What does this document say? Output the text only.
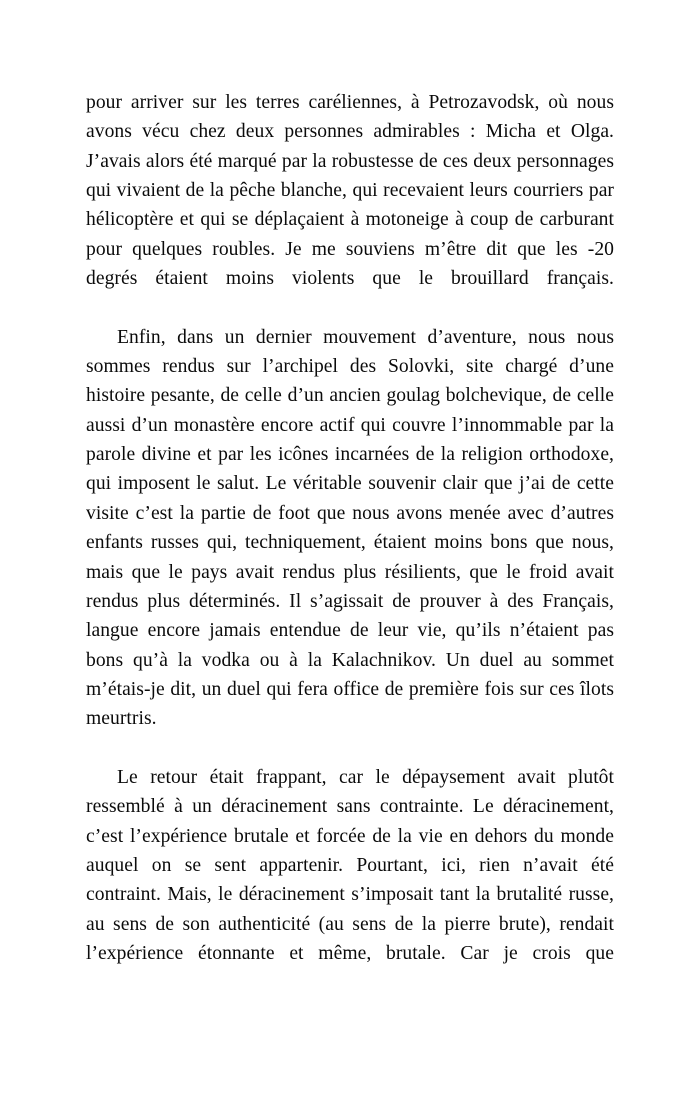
pour arriver sur les terres caréliennes, à Petrozavodsk, où nous avons vécu chez deux personnes admirables : Micha et Olga. J’avais alors été marqué par la robustesse de ces deux personnages qui vivaient de la pêche blanche, qui recevaient leurs courriers par hélicoptère et qui se déplaçaient à motoneige à coup de carburant pour quelques roubles. Je me souviens m’être dit que les -20 degrés étaient moins violents que le brouillard français.

Enfin, dans un dernier mouvement d’aventure, nous nous sommes rendus sur l’archipel des Solovki, site chargé d’une histoire pesante, de celle d’un ancien goulag bolchevique, de celle aussi d’un monastère encore actif qui couvre l’innommable par la parole divine et par les icônes incarnées de la religion orthodoxe, qui imposent le salut. Le véritable souvenir clair que j’ai de cette visite c’est la partie de foot que nous avons menée avec d’autres enfants russes qui, techniquement, étaient moins bons que nous, mais que le pays avait rendus plus résilients, que le froid avait rendus plus déterminés. Il s’agissait de prouver à des Français, langue encore jamais entendue de leur vie, qu’ils n’étaient pas bons qu’à la vodka ou à la Kalachnikov. Un duel au sommet m’étais-je dit, un duel qui fera office de première fois sur ces îlots meurtris.

Le retour était frappant, car le dépaysement avait plutôt ressemblé à un déracinement sans contrainte. Le déracinement, c’est l’expérience brutale et forcée de la vie en dehors du monde auquel on se sent appartenir. Pourtant, ici, rien n’avait été contraint. Mais, le déracinement s’imposait tant la brutalité russe, au sens de son authenticité (au sens de la pierre brute), rendait l’expérience étonnante et même, brutale. Car je crois que
